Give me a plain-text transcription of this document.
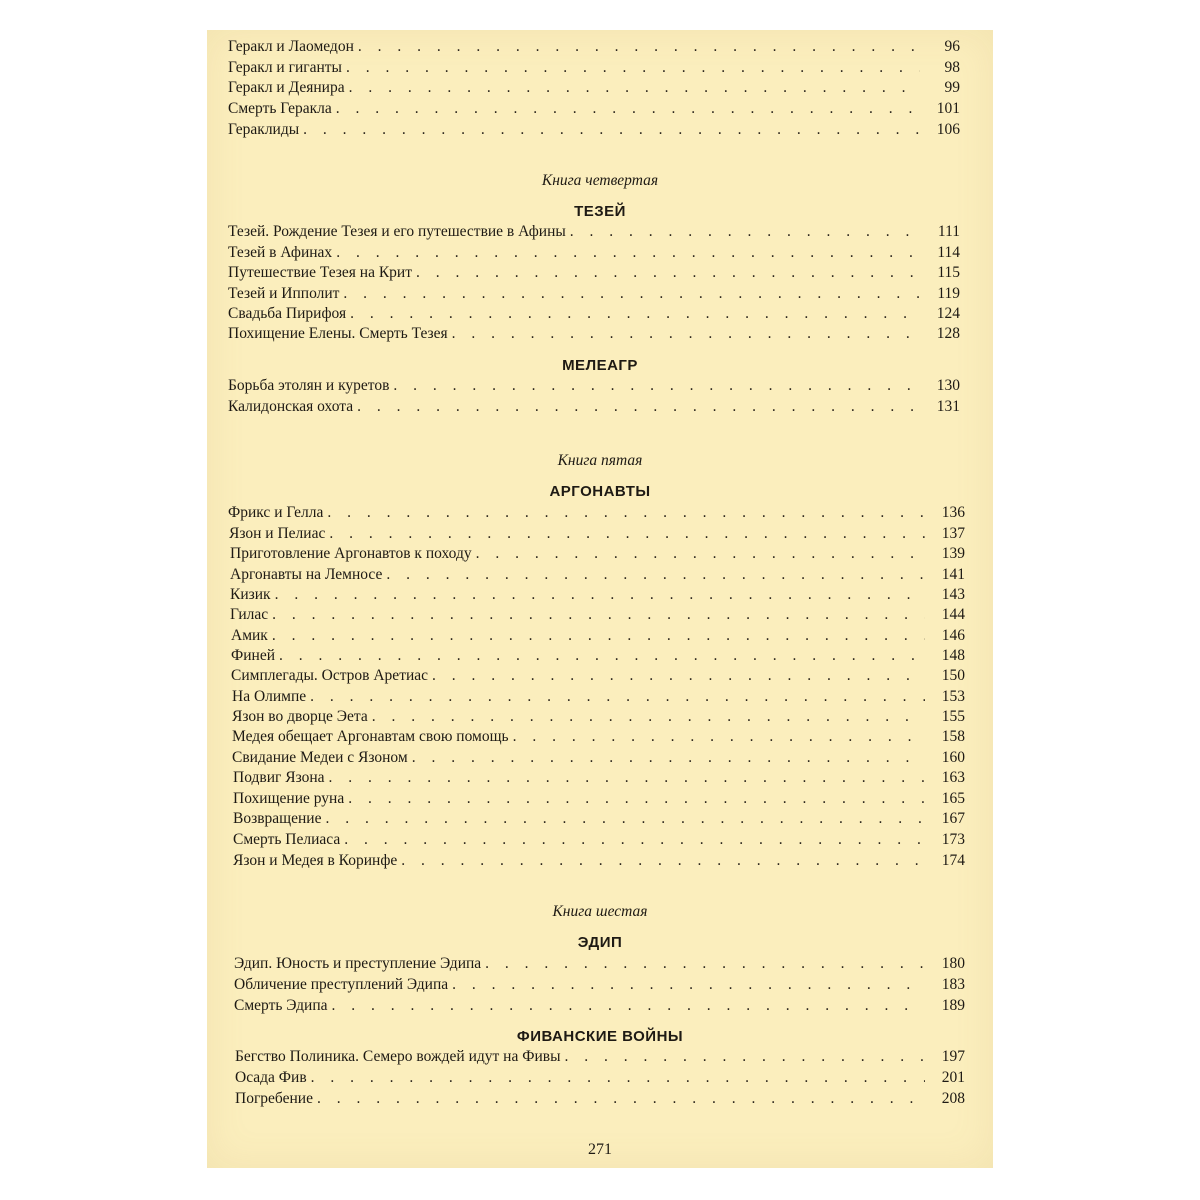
Геракл и Лаомедон . . .	96
Геракл и гиганты . . .	98
Геракл и Деянира . . .	99
Смерть Геракла . . .	101
Гераклиды . . .	106
Книга четвертая
ТЕЗЕЙ
Тезей. Рождение Тезея и его путешествие в Афины . . .	111
Тезей в Афинах . . .	114
Путешествие Тезея на Крит . . .	115
Тезей и Ипполит . . .	119
Свадьба Пирифоя . . .	124
Похищение Елены. Смерть Тезея . . .	128
МЕЛЕАГР
Борьба этолян и куретов . . .	130
Калидонская охота . . .	131
Книга пятая
АРГОНАВТЫ
Фрикс и Гелла . . .	136
Язон и Пелиас . . .	137
Приготовление Аргонавтов к походу . . .	139
Аргонавты на Лемносе . . .	141
Кизик . . .	143
Гилас . . .	144
Амик . . .	146
Финей . . .	148
Симплегады. Остров Аретиас . . .	150
На Олимпе . . .	153
Язон во дворце Эета . . .	155
Медея обещает Аргонавтам свою помощь . . .	158
Свидание Медеи с Язоном . . .	160
Подвиг Язона . . .	163
Похищение руна . . .	165
Возвращение . . .	167
Смерть Пелиаса . . .	173
Язон и Медея в Коринфе . . .	174
Книга шестая
ЭДИП
Эдип. Юность и преступление Эдипа . . .	180
Обличение преступлений Эдипа . . .	183
Смерть Эдипа . . .	189
ФИВАНСКИЕ ВОЙНЫ
Бегство Полиника. Семеро вождей идут на Фивы . . .	197
Осада Фив . . .	201
Погребение . . .	208
271
